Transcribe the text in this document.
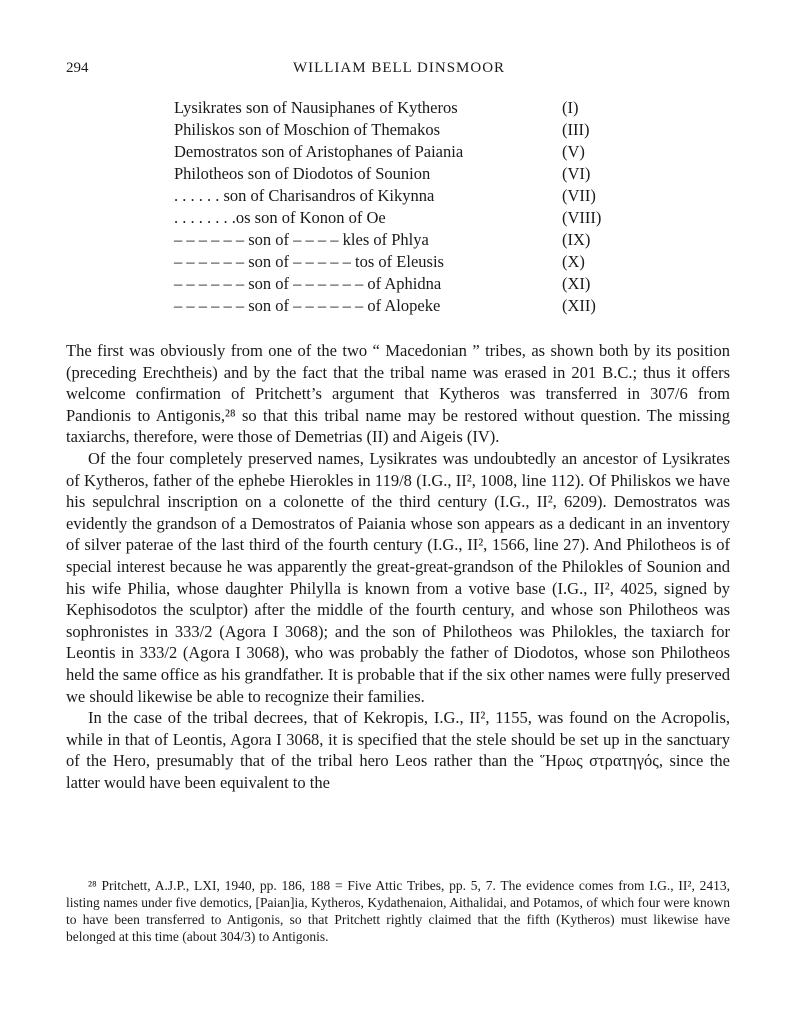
294	WILLIAM BELL DINSMOOR
Lysikrates son of Nausiphanes of Kytheros	(I)
Philiskos son of Moschion of Themakos	(III)
Demostratos son of Aristophanes of Paiania	(V)
Philotheos son of Diodotos of Sounion	(VI)
. . . . . . son of Charisandros of Kikynna	(VII)
. . . . . . . .os son of Konon of Oe	(VIII)
– – – – – – son of – – – – kles of Phlya	(IX)
– – – – – – son of – – – – – tos of Eleusis	(X)
– – – – – – son of – – – – – – of Aphidna	(XI)
– – – – – – son of – – – – – – of Alopeke	(XII)

The first was obviously from one of the two “ Macedonian ” tribes, as shown both by its position (preceding Erechtheis) and by the fact that the tribal name was erased in 201 B.C.; thus it offers welcome confirmation of Pritchett’s argument that Kytheros was transferred in 307/6 from Pandionis to Antigonis,²⁸ so that this tribal name may be restored without question. The missing taxiarchs, therefore, were those of Demetrias (II) and Aigeis (IV).

Of the four completely preserved names, Lysikrates was undoubtedly an ancestor of Lysikrates of Kytheros, father of the ephebe Hierokles in 119/8 (I.G., II², 1008, line 112). Of Philiskos we have his sepulchral inscription on a colonette of the third century (I.G., II², 6209). Demostratos was evidently the grandson of a Demostratos of Paiania whose son appears as a dedicant in an inventory of silver paterae of the last third of the fourth century (I.G., II², 1566, line 27). And Philotheos is of special interest because he was apparently the great-great-grandson of the Philokles of Sounion and his wife Philia, whose daughter Philylla is known from a votive base (I.G., II², 4025, signed by Kephisodotos the sculptor) after the middle of the fourth century, and whose son Philotheos was sophronistes in 333/2 (Agora I 3068); and the son of Philotheos was Philokles, the taxiarch for Leontis in 333/2 (Agora I 3068), who was probably the father of Diodotos, whose son Philotheos held the same office as his grandfather. It is probable that if the six other names were fully preserved we should likewise be able to recognize their families.

In the case of the tribal decrees, that of Kekropis, I.G., II², 1155, was found on the Acropolis, while in that of Leontis, Agora I 3068, it is specified that the stele should be set up in the sanctuary of the Hero, presumably that of the tribal hero Leos rather than the Ἥρως στρατηγός, since the latter would have been equivalent to the

²⁸ Pritchett, A.J.P., LXI, 1940, pp. 186, 188 = Five Attic Tribes, pp. 5, 7. The evidence comes from I.G., II², 2413, listing names under five demotics, [Paian]ia, Kytheros, Kydathenaion, Aithalidai, and Potamos, of which four were known to have been transferred to Antigonis, so that Pritchett rightly claimed that the fifth (Kytheros) must likewise have belonged at this time (about 304/3) to Antigonis.
